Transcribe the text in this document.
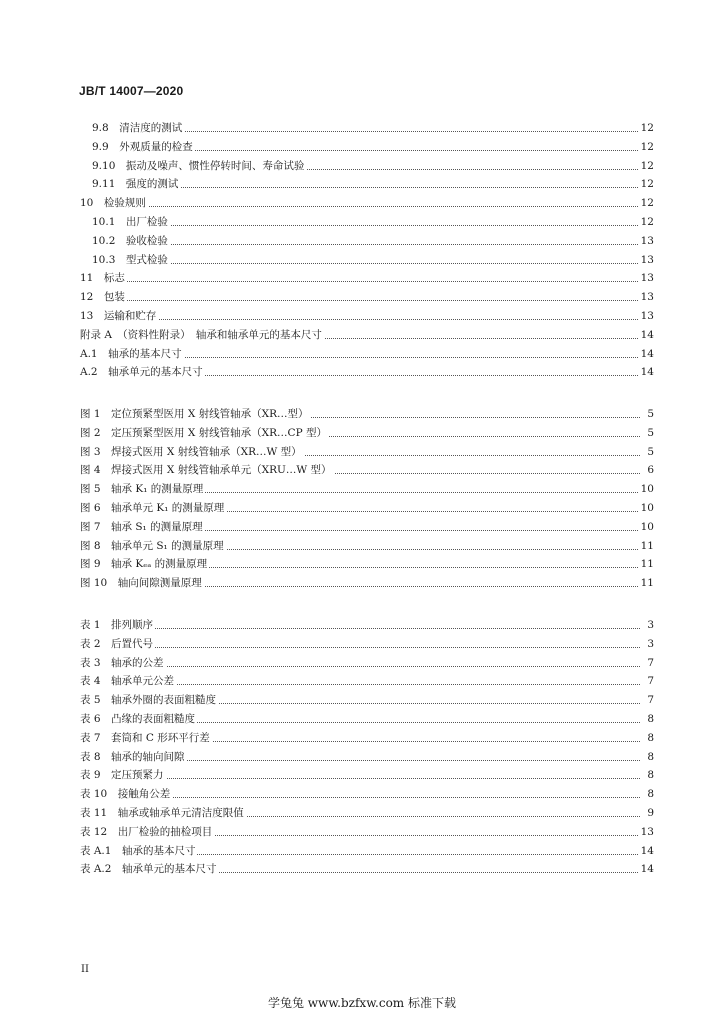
JB/T 14007—2020
9.8　清洁度的测试	12
9.9　外观质量的检查	12
9.10　振动及噪声、惯性停转时间、寿命试验	12
9.11　强度的测试	12
10　检验规则	12
10.1　出厂检验	12
10.2　验收检验	13
10.3　型式检验	13
11　标志	13
12　包装	13
13　运输和贮存	13
附录 A　（资料性附录）　轴承和轴承单元的基本尺寸	14
A.1　轴承的基本尺寸	14
A.2　轴承单元的基本尺寸	14
图 1　定位预紧型医用 X 射线管轴承（XR…型）	5
图 2　定压预紧型医用 X 射线管轴承（XR…CP 型）	5
图 3　焊接式医用 X 射线管轴承（XR…W 型）	5
图 4　焊接式医用 X 射线管轴承单元（XRU…W 型）	6
图 5　轴承 K₁ 的测量原理	10
图 6　轴承单元 K₁ 的测量原理	10
图 7　轴承 S₁ 的测量原理	10
图 8　轴承单元 S₁ 的测量原理	11
图 9　轴承 Kₑₐ 的测量原理	11
图 10　轴向间隙测量原理	11
表 1　排列顺序	3
表 2　后置代号	3
表 3　轴承的公差	7
表 4　轴承单元公差	7
表 5　轴承外圈的表面粗糙度	7
表 6　凸缘的表面粗糙度	8
表 7　套筒和 C 形环平行差	8
表 8　轴承的轴向间隙	8
表 9　定压预紧力	8
表 10　接触角公差	8
表 11　轴承或轴承单元清洁度限值	9
表 12　出厂检验的抽检项目	13
表 A.1　轴承的基本尺寸	14
表 A.2　轴承单元的基本尺寸	14
II
学兔兔 www.bzfxw.com 标准下载
